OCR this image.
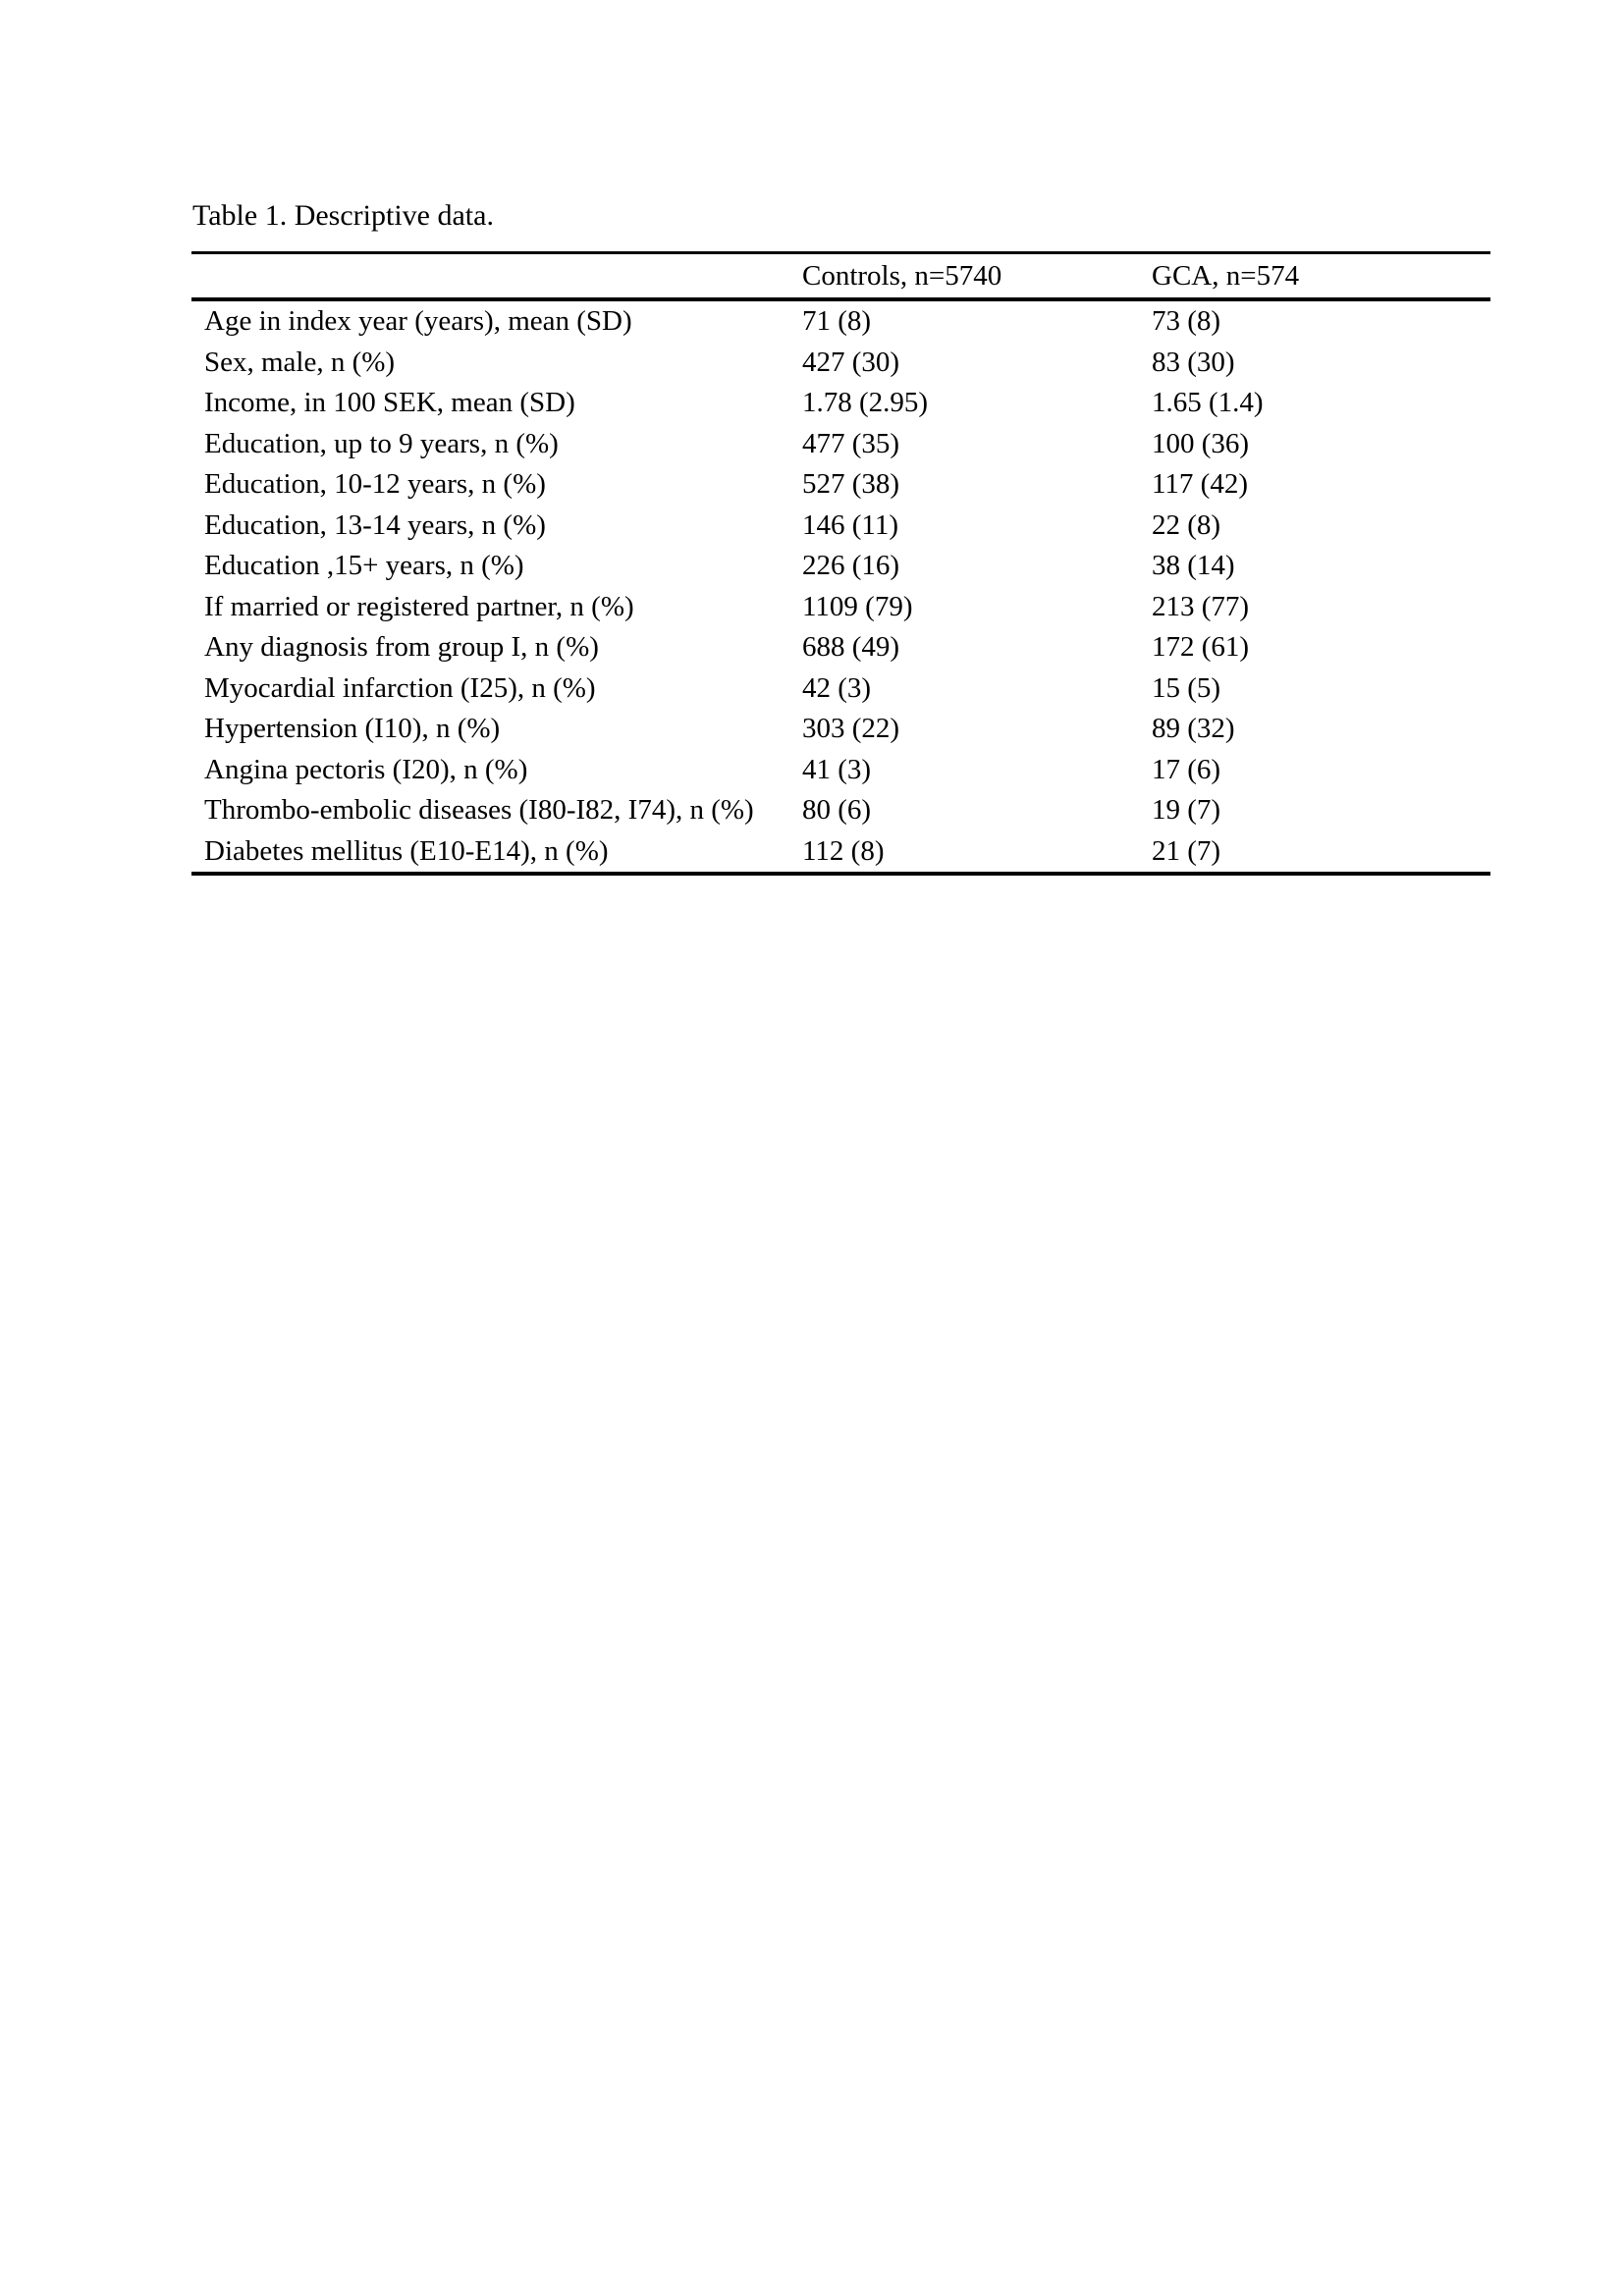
Table 1. Descriptive data.
	Controls, n=5740	GCA, n=574
Age in index year (years), mean (SD)	71 (8)	73 (8)
Sex, male, n (%)	427 (30)	83 (30)
Income, in 100 SEK, mean (SD)	1.78 (2.95)	1.65 (1.4)
Education, up to 9 years, n (%)	477 (35)	100 (36)
Education, 10-12 years, n (%)	527 (38)	117 (42)
Education, 13-14 years, n (%)	146 (11)	22 (8)
Education ,15+ years, n (%)	226 (16)	38 (14)
If married or registered partner, n (%)	1109 (79)	213 (77)
Any diagnosis from group I, n (%)	688 (49)	172 (61)
Myocardial infarction (I25), n (%)	42 (3)	15 (5)
Hypertension (I10), n (%)	303 (22)	89 (32)
Angina pectoris (I20), n (%)	41 (3)	17 (6)
Thrombo-embolic diseases (I80-I82, I74), n (%)	80 (6)	19 (7)
Diabetes mellitus (E10-E14), n (%)	112 (8)	21 (7)
